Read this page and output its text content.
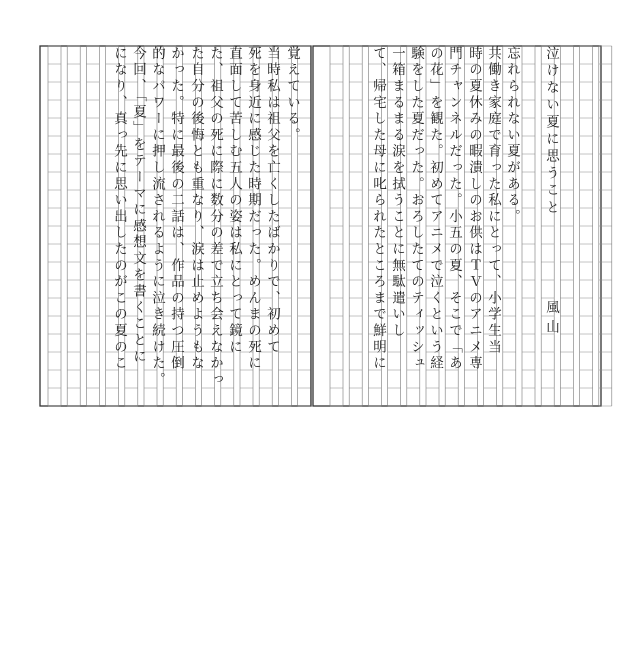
泣けない夏に思うこと
風山
忘れられない夏がある。
共働き家庭で育った私にとって、小学生当
時の夏休みの暇潰しのお供はＴＶのアニメ専
門チャンネルだった。小五の夏、そこで「あ
の花」を観た。初めてアニメで泣くという経
験をした夏だった。おろしたてのティッシュ
一箱まるまる涙を拭うことに無駄遣いし
て、帰宅した母に叱られたところまで鮮明に
覚えている。
当時私は祖父を亡くしたばかりで、初めて
死を身近に感じた時期だった。めんまの死に
直面して苦しむ五人の姿は私にとって鏡に
た、祖父の死に際に数分の差で立ち会えなかっ
た自分の後悔とも重なり、涙は止めようもな
かった。特に最後の二話は、作品の持つ圧倒
的なパワーに押し流されるように泣き続けた。
今回、「夏」をテーマに感想文を書くことに
になり、真っ先に思い出したのがこの夏のこ
